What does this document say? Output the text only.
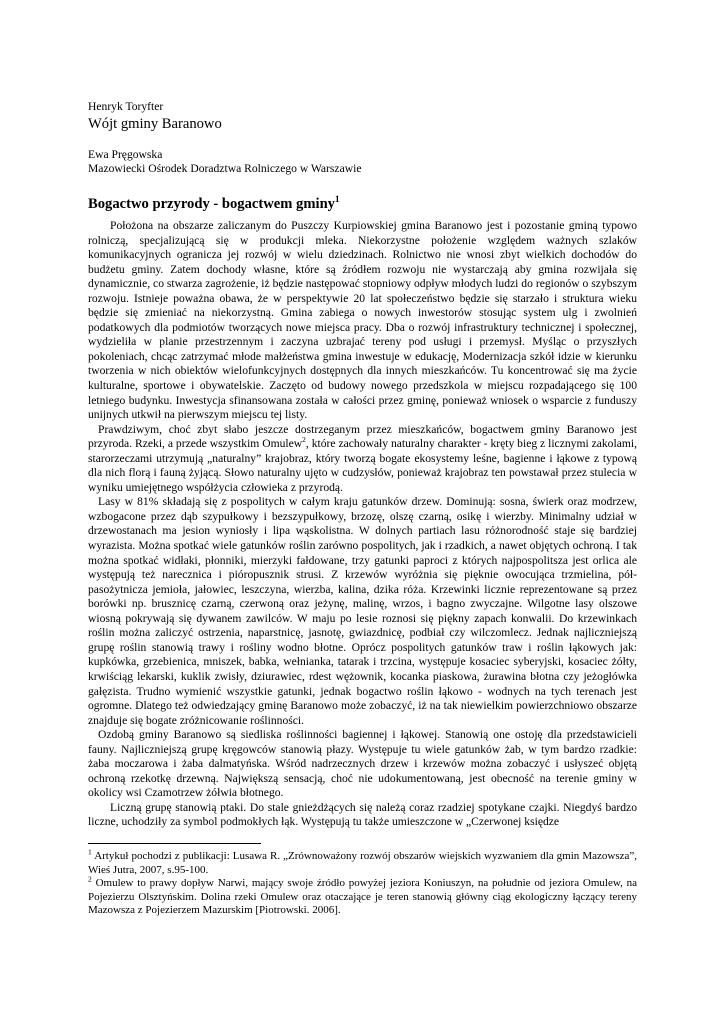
Henryk Toryfter
Wójt gminy Baranowo
Ewa Pręgowska
Mazowiecki Ośrodek Doradztwa Rolniczego w Warszawie
Bogactwo przyrody - bogactwem gminy$^1$

Położona na obszarze zaliczanym do Puszczy Kurpiowskiej gmina Baranowo jest i pozostanie gminą typowo rolniczą, specjalizującą się w produkcji mleka. Niekorzystne położenie względem ważnych szlaków komunikacyjnych ogranicza jej rozwój w wielu dziedzinach. Rolnictwo nie wnosi zbyt wielkich dochodów do budżetu gminy. Zatem dochody własne, które są źródłem rozwoju nie wystarczają aby gmina rozwijała się dynamicznie, co stwarza zagrożenie, iż będzie następować stopniowy odpływ młodych ludzi do regionów o szybszym rozwoju. Istnieje poważna obawa, że w perspektywie 20 lat społeczeństwo będzie się starzało i struktura wieku będzie się zmieniać na niekorzystną. Gmina zabiega o nowych inwestorów stosując system ulg i zwolnień podatkowych dla podmiotów tworzących nowe miejsca pracy. Dba o rozwój infrastruktury technicznej i społecznej, wydzieliła w planie przestrzennym i zaczyna uzbrajać tereny pod usługi i przemysł. Myśląc o przyszłych pokoleniach, chcąc zatrzymać młode małżeństwa gmina inwestuje w edukację, Modernizacja szkół idzie w kierunku tworzenia w nich obiektów wielofunkcyjnych dostępnych dla innych mieszkańców. Tu koncentrować się ma życie kulturalne, sportowe i obywatelskie. Zaczęto od budowy nowego przedszkola w miejscu rozpadającego się 100 letniego budynku. Inwestycja sfinansowana została w całości przez gminę, ponieważ wniosek o wsparcie z funduszy unijnych utkwił na pierwszym miejscu tej listy.

Prawdziwym, choć zbyt słabo jeszcze dostrzeganym przez mieszkańców, bogactwem gminy Baranowo jest przyroda. Rzeki, a przede wszystkim Omulew$^2$, które zachowały naturalny charakter - kręty bieg z licznymi zakolami, starorzeczami utrzymują „naturalny” krajobraz, który tworzą bogate ekosystemy leśne, bagienne i łąkowe z typową dla nich florą i fauną żyjącą. Słowo naturalny ujęto w cudzysłów, ponieważ krajobraz ten powstawał przez stulecia w wyniku umiejętnego współżycia człowieka z przyrodą.

Lasy w 81% składają się z pospolitych w całym kraju gatunków drzew. Dominują: sosna, świerk oraz modrzew, wzbogacone przez dąb szypułkowy i bezszypułkowy, brzozę, olszę czarną, osikę i wierzby. Minimalny udział w drzewostanach ma jesion wyniosły i lipa wąskolistna. W dolnych partiach lasu różnorodność staje się bardziej wyrazista. Można spotkać wiele gatunków roślin zarówno pospolitych, jak i rzadkich, a nawet objętych ochroną. I tak można spotkać widłaki, płonniki, mierzyki fałdowane, trzy gatunki paproci z których najpospolitsza jest orlica ale występują też narecznica i pióropusznik strusi. Z krzewów wyróżnia się pięknie owocująca trzmielina, pół-pasożytnicza jemioła, jałowiec, leszczyna, wierzba, kalina, dzika róża. Krzewinki licznie reprezentowane są przez borówki np. brusznicę czarną, czerwoną oraz jeżynę, malinę, wrzos, i bagno zwyczajne. Wilgotne lasy olszowe wiosną pokrywają się dywanem zawilców. W maju po lesie roznosi się piękny zapach konwalii. Do krzewinkach roślin można zaliczyć ostrzenia, naparstnicę, jasnotę, gwiazdnicę, podbiał czy wilczomlecz. Jednak najliczniejszą grupę roślin stanowią trawy i rośliny wodno błotne. Oprócz pospolitych gatunków traw i roślin łąkowych jak: kupkówka, grzebienica, mniszek, babka, wełnianka, tatarak i trzcina, występuje kosaciec syberyjski, kosaciec żółty, krwiściąg lekarski, kuklik zwisły, dziurawiec, rdest wężownik, kocanka piaskowa, żurawina błotna czy jeżogłówka gałęzista. Trudno wymienić wszystkie gatunki, jednak bogactwo roślin łąkowo - wodnych na tych terenach jest ogromne. Dlatego też odwiedzający gminę Baranowo może zobaczyć, iż na tak niewielkim powierzchniowo obszarze znajduje się bogate zróżnicowanie roślinności.

Ozdobą gminy Baranowo są siedliska roślinności bagiennej i łąkowej. Stanowią one ostoję dla przedstawicieli fauny. Najliczniejszą grupę kręgowców stanowią płazy. Występuje tu wiele gatunków żab, w tym bardzo rzadkie: żaba moczarowa i żaba dalmatyńska. Wśród nadrzecznych drzew i krzewów można zobaczyć i usłyszeć objętą ochroną rzekotkę drzewną. Największą sensacją, choć nie udokumentowaną, jest obecność na terenie gminy w okolicy wsi Czamotrzew żółwia błotnego.

Liczną grupę stanowią ptaki. Do stale gnieżdżących się należą coraz rzadziej spotykane czajki. Niegdyś bardzo liczne, uchodziły za symbol podmokłych łąk. Występują tu także umieszczone w „Czerwonej księdze

$^1$ Artykuł pochodzi z publikacji: Lusawa R. „Zrównoważony rozwój obszarów wiejskich wyzwaniem dla gmin Mazowsza”, Wieś Jutra, 2007, s.95-100.
$^2$ Omulew to prawy dopływ Narwi, mający swoje źródło powyżej jeziora Koniuszyn, na południe od jeziora Omulew, na Pojezierzu Olsztyńskim. Dolina rzeki Omulew oraz otaczające je teren stanowią główny ciąg ekologiczny łączący tereny Mazowsza z Pojezierzem Mazurskim [Piotrowski. 2006].
